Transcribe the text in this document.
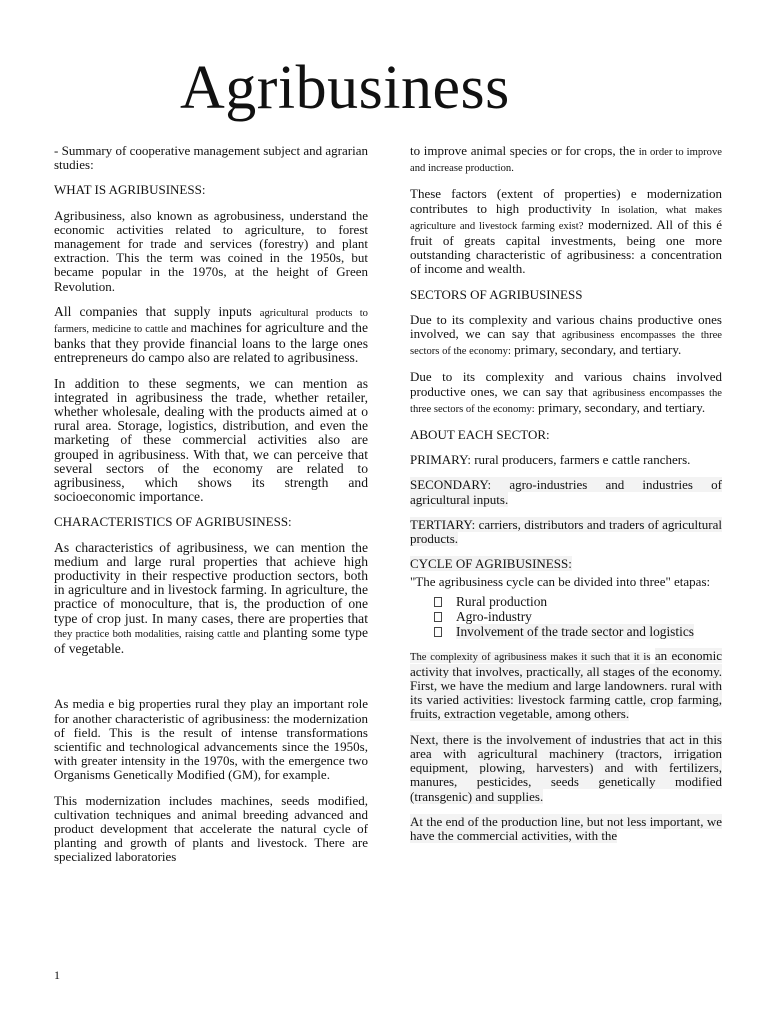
Agribusiness

- Summary of cooperative management subject and agrarian studies:

WHAT IS AGRIBUSINESS:

Agribusiness, also known as agrobusiness, understand the economic activities related to agriculture, to forest management for trade and services (forestry) and plant extraction. This the term was coined in the 1950s, but became popular in the 1970s, at the height of Green Revolution.

All companies that supply inputs agricultural products to farmers, medicine to cattle and machines for agriculture and the banks that they provide financial loans to the large ones entrepreneurs do campo also are related to agribusiness.

In addition to these segments, we can mention as integrated in agribusiness the trade, whether retailer, whether wholesale, dealing with the products aimed at o rural area. Storage, logistics, distribution, and even the marketing of these commercial activities also are grouped in agribusiness. With that, we can perceive that several sectors of the economy are related to agribusiness, which shows its strength and socioeconomic importance.

CHARACTERISTICS OF AGRIBUSINESS:

As characteristics of agribusiness, we can mention the medium and large rural properties that achieve high productivity in their respective production sectors, both in agriculture and in livestock farming. In agriculture, the practice of monoculture, that is, the production of one type of crop just. In many cases, there are properties that they practice both modalities, raising cattle and planting some type of vegetable.

As media e big properties rural they play an important role for another characteristic of agribusiness: the modernization of field. This is the result of intense transformations scientific and technological advancements since the 1950s, with greater intensity in the 1970s, with the emergence two Organisms Genetically Modified (GM), for example.

This modernization includes machines, seeds modified, cultivation techniques and animal breeding advanced and product development that accelerate the natural cycle of planting and growth of plants and livestock. There are specialized laboratories

to improve animal species or for crops, the in order to improve and increase production.

These factors (extent of properties) e modernization contributes to high productivity In isolation, what makes agriculture and livestock farming exist? modernized. All of this é fruit of greats capital investments, being one more outstanding characteristic of agribusiness: a concentration of income and wealth.

SECTORS OF AGRIBUSINESS

Due to its complexity and various chains productive ones involved, we can say that agribusiness encompasses the three sectors of the economy: primary, secondary, and tertiary.

Due to its complexity and various chains involved productive ones, we can say that agribusiness encompasses the three sectors of the economy: primary, secondary, and tertiary.

ABOUT EACH SECTOR:

PRIMARY: rural producers, farmers e cattle ranchers.

SECONDARY: agro-industries and industries of agricultural inputs.

TERTIARY: carriers, distributors and traders of agricultural products.

CYCLE OF AGRIBUSINESS:

"The agribusiness cycle can be divided into three" etapas:

Rural production
Agro-industry
Involvement of the trade sector and logistics

The complexity of agribusiness makes it such that it is an economic activity that involves, practically, all stages of the economy. First, we have the medium and large landowners. rural with its varied activities: livestock farming cattle, crop farming, fruits, extraction vegetable, among others.

Next, there is the involvement of industries that act in this area with agricultural machinery (tractors, irrigation equipment, plowing, harvesters) and with fertilizers, manures, pesticides, seeds genetically modified (transgenic) and supplies.

At the end of the production line, but not less important, we have the commercial activities, with the

1
